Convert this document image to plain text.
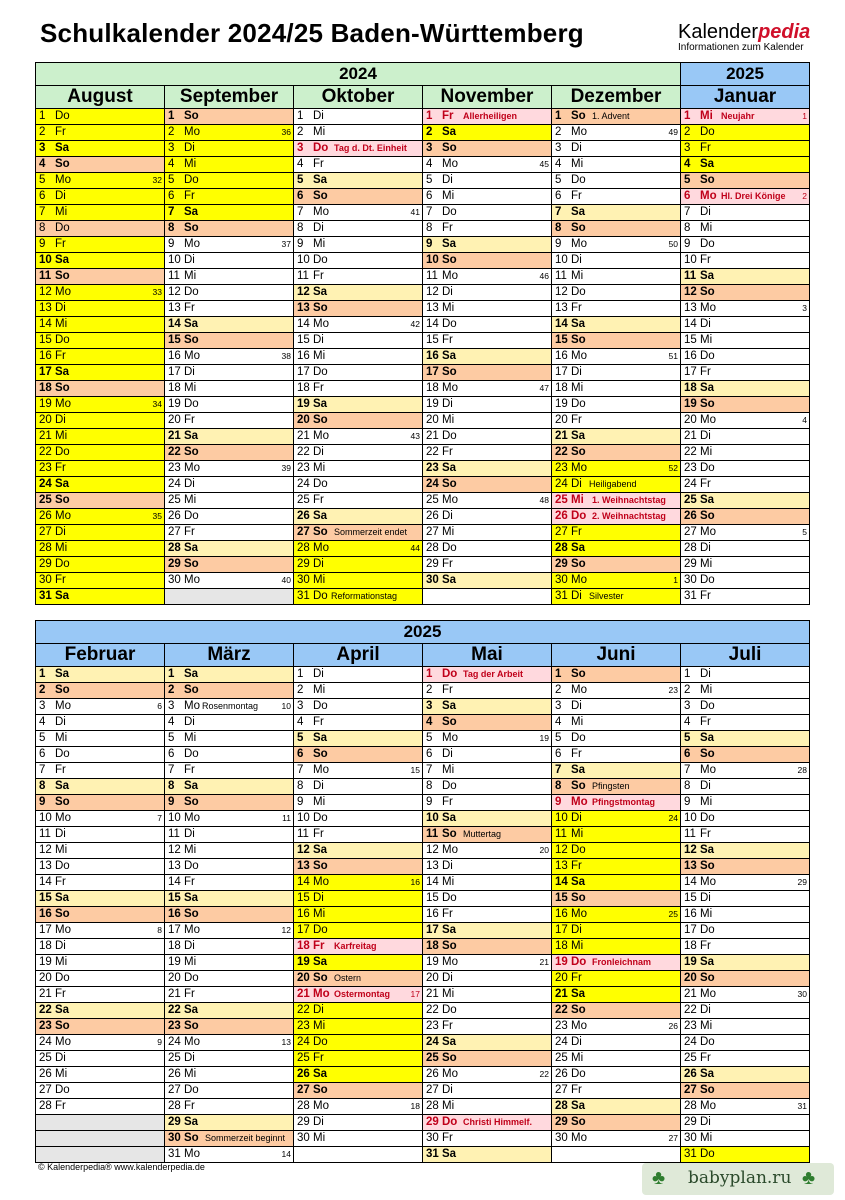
Schulkalender 2024/25 Baden-Württemberg	Kalenderpedia
Informationen zum Kalender
2024					2025
August	September	Oktober	November	Dezember	Januar

1 Do	1 So	1 Di	1 Fr Allerheiligen	1 So 1. Advent	1 Mi Neujahr 1

2 Fr	2 Mo 36	2 Mi	2 Sa	2 Mo 49	2 Do

3 Sa	3 Di	3 Do Tag d. Dt. Einheit	3 So	3 Di	3 Fr

4 So	4 Mi	4 Fr	4 Mo 45	4 Mi	4 Sa

5 Mo 32	5 Do	5 Sa	5 Di	5 Do	5 So

6 Di	6 Fr	6 So	6 Mi	6 Fr	6 Mo Hl. Drei Könige 2

7 Mi	7 Sa	7 Mo 41	7 Do	7 Sa	7 Di

8 Do	8 So	8 Di	8 Fr	8 So	8 Mi

9 Fr	9 Mo 37	9 Mi	9 Sa	9 Mo 50	9 Do

10 Sa	10 Di	10 Do	10 So	10 Di	10 Fr

11 So	11 Mi	11 Fr	11 Mo 46	11 Mi	11 Sa

12 Mo 33	12 Do	12 Sa	12 Di	12 Do	12 So

13 Di	13 Fr	13 So	13 Mi	13 Fr	13 Mo 3

14 Mi	14 Sa	14 Mo 42	14 Do	14 Sa	14 Di

15 Do	15 So	15 Di	15 Fr	15 So	15 Mi

16 Fr	16 Mo 38	16 Mi	16 Sa	16 Mo 51	16 Do

17 Sa	17 Di	17 Do	17 So	17 Di	17 Fr

18 So	18 Mi	18 Fr	18 Mo 47	18 Mi	18 Sa

19 Mo 34	19 Do	19 Sa	19 Di	19 Do	19 So

20 Di	20 Fr	20 So	20 Mi	20 Fr	20 Mo 4

21 Mi	21 Sa	21 Mo 43	21 Do	21 Sa	21 Di

22 Do	22 So	22 Di	22 Fr	22 So	22 Mi

23 Fr	23 Mo 39	23 Mi	23 Sa	23 Mo 52	23 Do

24 Sa	24 Di	24 Do	24 So	24 Di Heiligabend	24 Fr

25 So	25 Mi	25 Fr	25 Mo 48	25 Mi 1. Weihnachtstag	25 Sa

26 Mo 35	26 Do	26 Sa	26 Di	26 Do 2. Weihnachtstag	26 So

27 Di	27 Fr	27 So Sommerzeit endet	27 Mi	27 Fr	27 Mo 5

28 Mi	28 Sa	28 Mo 44	28 Do	28 Sa	28 Di

29 Do	29 So	29 Di	29 Fr	29 So	29 Mi

30 Fr	30 Mo 40	30 Mi	30 Sa	30 Mo 1	30 Do

31 Sa		31 Do Reformationstag		31 Di Silvester	31 Fr
2025					
Februar	März	April	Mai	Juni	Juli

1 Sa	1 Sa	1 Di	1 Do Tag der Arbeit	1 So	1 Di

2 So	2 So	2 Mi	2 Fr	2 Mo 23	2 Mi

3 Mo 6	3 Mo Rosenmontag 10	3 Do	3 Sa	3 Di	3 Do

4 Di	4 Di	4 Fr	4 So	4 Mi	4 Fr

5 Mi	5 Mi	5 Sa	5 Mo 19	5 Do	5 Sa

6 Do	6 Do	6 So	6 Di	6 Fr	6 So

7 Fr	7 Fr	7 Mo 15	7 Mi	7 Sa	7 Mo 28

8 Sa	8 Sa	8 Di	8 Do	8 So Pfingsten	8 Di

9 So	9 So	9 Mi	9 Fr	9 Mo Pfingstmontag	9 Mi

10 Mo 7	10 Mo 11	10 Do	10 Sa	10 Di 24	10 Do

11 Di	11 Di	11 Fr	11 So Muttertag	11 Mi	11 Fr

12 Mi	12 Mi	12 Sa	12 Mo 20	12 Do	12 Sa

13 Do	13 Do	13 So	13 Di	13 Fr	13 So

14 Fr	14 Fr	14 Mo 16	14 Mi	14 Sa	14 Mo 29

15 Sa	15 Sa	15 Di	15 Do	15 So	15 Di

16 So	16 So	16 Mi	16 Fr	16 Mo 25	16 Mi

17 Mo 8	17 Mo 12	17 Do	17 Sa	17 Di	17 Do

18 Di	18 Di	18 Fr Karfreitag	18 So	18 Mi	18 Fr

19 Mi	19 Mi	19 Sa	19 Mo 21	19 Do Fronleichnam	19 Sa

20 Do	20 Do	20 So Ostern	20 Di	20 Fr	20 So

21 Fr	21 Fr	21 Mo Ostermontag 17	21 Mi	21 Sa	21 Mo 30

22 Sa	22 Sa	22 Di	22 Do	22 So	22 Di

23 So	23 So	23 Mi	23 Fr	23 Mo 26	23 Mi

24 Mo 9	24 Mo 13	24 Do	24 Sa	24 Di	24 Do

25 Di	25 Di	25 Fr	25 So	25 Mi	25 Fr

26 Mi	26 Mi	26 Sa	26 Mo 22	26 Do	26 Sa

27 Do	27 Do	27 So	27 Di	27 Fr	27 So

28 Fr	28 Fr	28 Mo 18	28 Mi	28 Sa	28 Mo 31

	29 Sa	29 Di	29 Do Christi Himmelf.	29 So	29 Di

	30 So Sommerzeit beginnt	30 Mi	30 Fr	30 Mo 27	30 Mi

	31 Mo 14		31 Sa		31 Do
© Kalenderpedia® www.kalenderpedia.de	♣ babyplan.ru ♣
